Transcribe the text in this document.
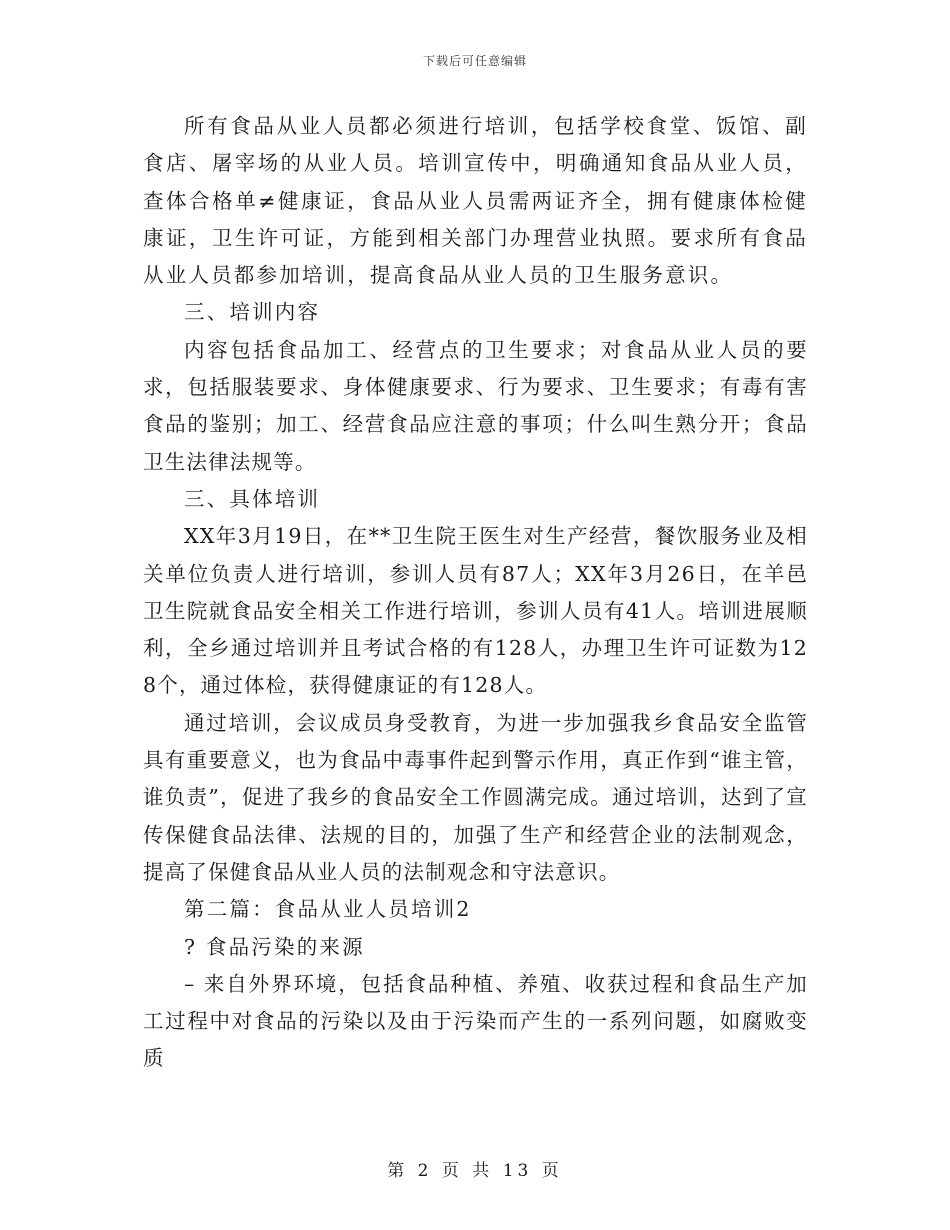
下载后可任意编辑

所有食品从业人员都必须进行培训，包括学校食堂、饭馆、副食店、屠宰场的从业人员。培训宣传中，明确通知食品从业人员，查体合格单≠健康证，食品从业人员需两证齐全，拥有健康体检健康证，卫生许可证，方能到相关部门办理营业执照。要求所有食品从业人员都参加培训，提高食品从业人员的卫生服务意识。

三、培训内容

内容包括食品加工、经营点的卫生要求；对食品从业人员的要求，包括服装要求、身体健康要求、行为要求、卫生要求；有毒有害食品的鉴别；加工、经营食品应注意的事项；什么叫生熟分开；食品卫生法律法规等。

三、具体培训

XX年3月19日，在**卫生院王医生对生产经营，餐饮服务业及相关单位负责人进行培训，参训人员有87人；XX年3月26日，在羊邑卫生院就食品安全相关工作进行培训，参训人员有41人。培训进展顺利，全乡通过培训并且考试合格的有128人，办理卫生许可证数为128个，通过体检，获得健康证的有128人。

通过培训，会议成员身受教育，为进一步加强我乡食品安全监管具有重要意义，也为食品中毒事件起到警示作用，真正作到“谁主管，谁负责”，促进了我乡的食品安全工作圆满完成。通过培训，达到了宣传保健食品法律、法规的目的，加强了生产和经营企业的法制观念，提高了保健食品从业人员的法制观念和守法意识。

第二篇：食品从业人员培训2

? 食品污染的来源

– 来自外界环境，包括食品种植、养殖、收获过程和食品生产加工过程中对食品的污染以及由于污染而产生的一系列问题，如腐败变质

第 2 页 共 13 页
